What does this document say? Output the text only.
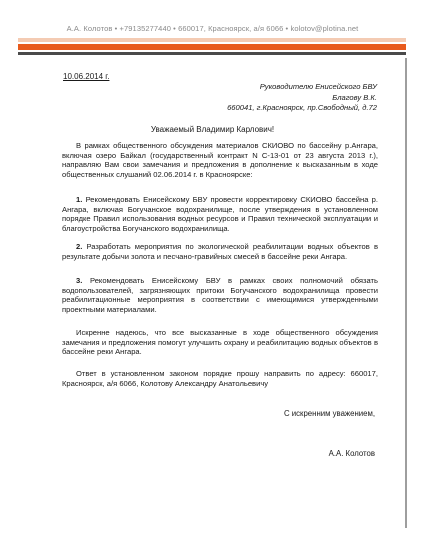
А.А. Колотов • +79135277440 • 660017, Красноярск, а/я 6066 • kolotov@plotina.net
10.06.2014 г.
Руководителю Енисейского БВУ
Благову В.К.
660041, г.Красноярск, пр.Свободный, д.72
Уважаемый Владимир Карлович!
В рамках общественного обсуждения материалов СКИОВО по бассейну р.Ангара, включая озеро Байкал (государственный контракт N С-13-01 от 23 августа 2013 г.), направляю Вам свои замечания и предложения в дополнение к высказанным в ходе общественных слушаний 02.06.2014 г. в Красноярске:
1. Рекомендовать Енисейскому БВУ провести корректировку СКИОВО бассейна р. Ангара, включая Богучанское водохранилище, после утверждения в установленном порядке Правил использования водных ресурсов и Правил технической эксплуатации и благоустройства Богучанского водохранилища.
2. Разработать мероприятия по экологической реабилитации водных объектов в результате добычи золота и песчано-гравийных смесей в бассейне реки Ангара.
3. Рекомендовать Енисейскому БВУ в рамках своих полномочий обязать водопользователей, загрязняющих притоки Богучанского водохранилища провести реабилитационные мероприятия в соответствии с имеющимися утвержденными проектными материалами.
Искренне надеюсь, что все высказанные в ходе общественного обсуждения замечания и предложения помогут улучшить охрану и реабилитацию водных объектов в бассейне реки Ангара.
Ответ в установленном законом порядке прошу направить по адресу: 660017, Красноярск, а/я 6066, Колотову Александру Анатольевичу
С искренним уважением,
А.А. Колотов
